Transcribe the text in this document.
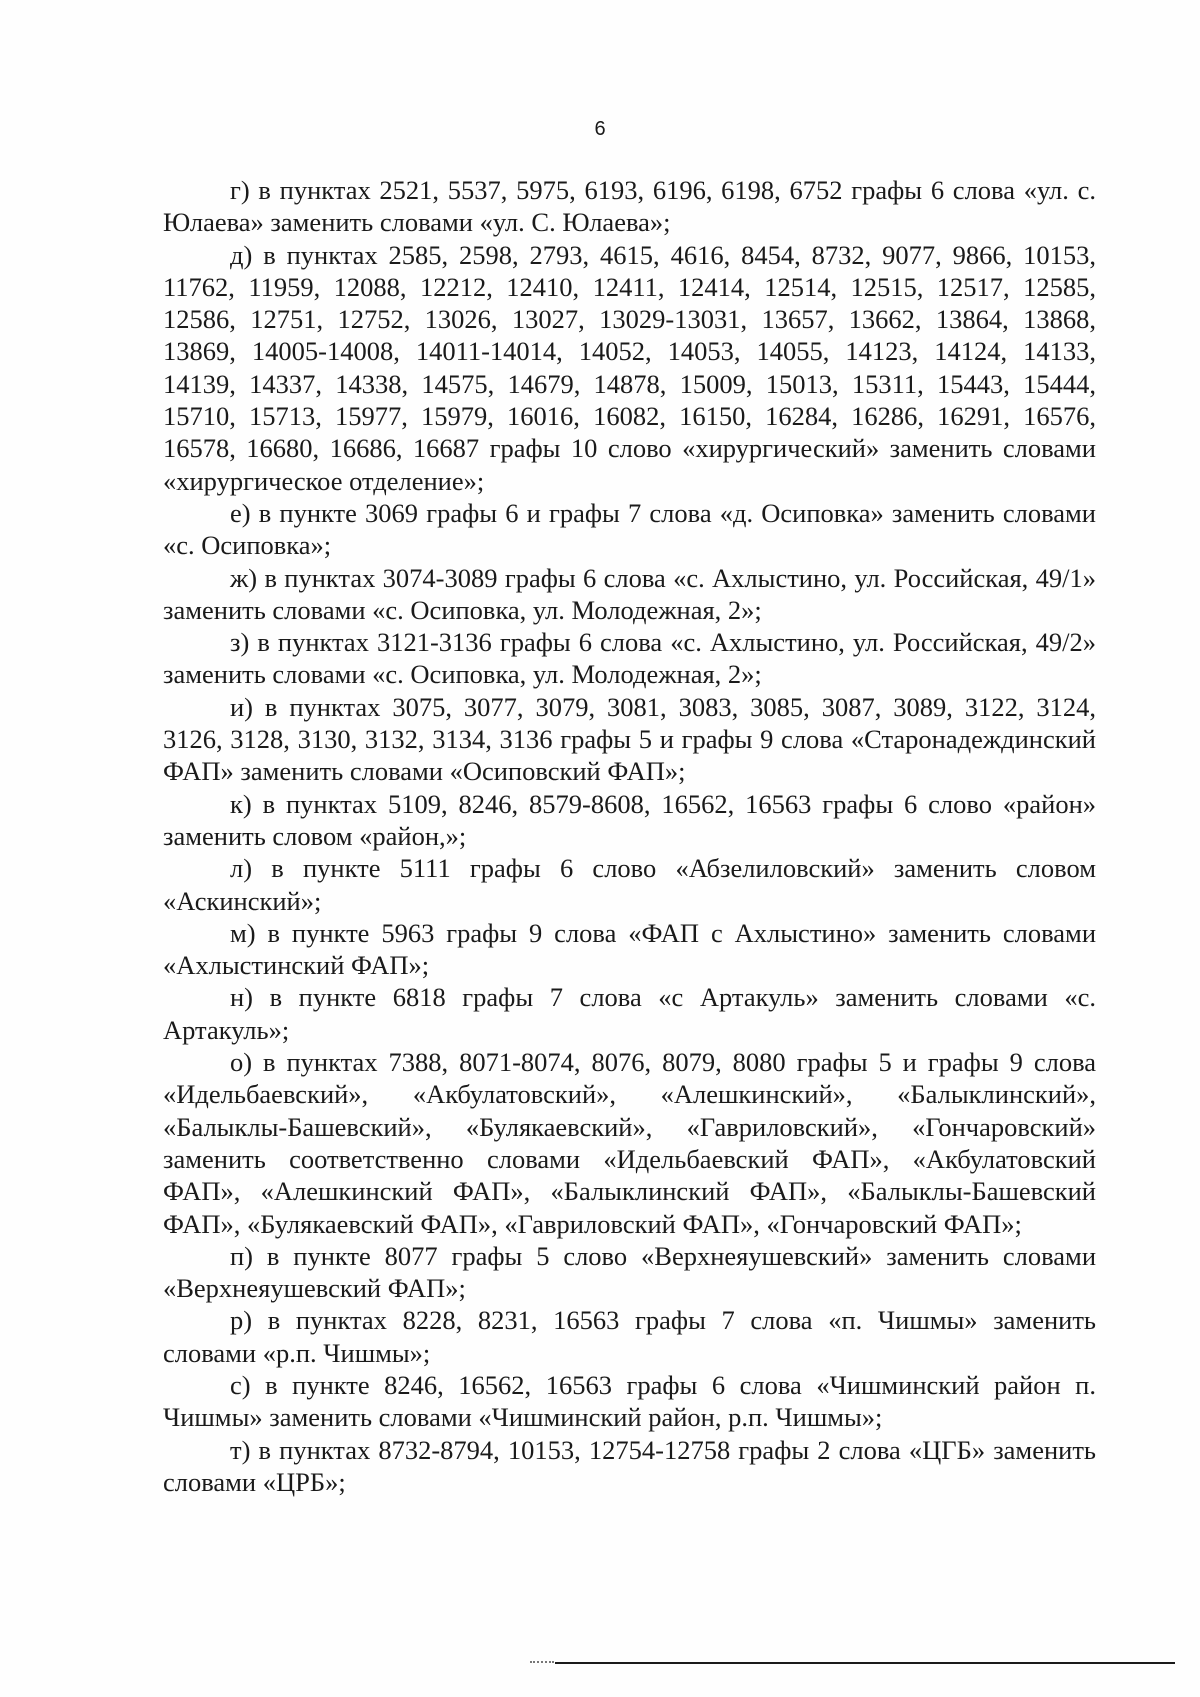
6

г) в пунктах 2521, 5537, 5975, 6193, 6196, 6198, 6752 графы 6 слова «ул. с. Юлаева» заменить словами «ул. С. Юлаева»;

д) в пунктах 2585, 2598, 2793, 4615, 4616, 8454, 8732, 9077, 9866, 10153, 11762, 11959, 12088, 12212, 12410, 12411, 12414, 12514, 12515, 12517, 12585, 12586, 12751, 12752, 13026, 13027, 13029-13031, 13657, 13662, 13864, 13868, 13869, 14005-14008, 14011-14014, 14052, 14053, 14055, 14123, 14124, 14133, 14139, 14337, 14338, 14575, 14679, 14878, 15009, 15013, 15311, 15443, 15444, 15710, 15713, 15977, 15979, 16016, 16082, 16150, 16284, 16286, 16291, 16576, 16578, 16680, 16686, 16687 графы 10 слово «хирургический» заменить словами «хирургическое отделение»;

е) в пункте 3069 графы 6 и графы 7 слова «д. Осиповка» заменить словами «с. Осиповка»;

ж) в пунктах 3074-3089 графы 6 слова «с. Ахлыстино, ул. Российская, 49/1» заменить словами «с. Осиповка, ул. Молодежная, 2»;

з) в пунктах 3121-3136 графы 6 слова «с. Ахлыстино, ул. Российская, 49/2» заменить словами «с. Осиповка, ул. Молодежная, 2»;

и) в пунктах 3075, 3077, 3079, 3081, 3083, 3085, 3087, 3089, 3122, 3124, 3126, 3128, 3130, 3132, 3134, 3136 графы 5 и графы 9 слова «Старонадеждинский ФАП» заменить словами «Осиповский ФАП»;

к) в пунктах 5109, 8246, 8579-8608, 16562, 16563 графы 6 слово «район» заменить словом «район,»;

л) в пункте 5111 графы 6 слово «Абзелиловский» заменить словом «Аскинский»;

м) в пункте 5963 графы 9 слова «ФАП с Ахлыстино» заменить словами «Ахлыстинский ФАП»;

н) в пункте 6818 графы 7 слова «с Артакуль» заменить словами «с. Артакуль»;

о) в пунктах 7388, 8071-8074, 8076, 8079, 8080 графы 5 и графы 9 слова «Идельбаевский», «Акбулатовский», «Алешкинский», «Балыклинский», «Балыклы-Башевский», «Булякаевский», «Гавриловский», «Гончаровский» заменить соответственно словами «Идельбаевский ФАП», «Акбулатовский ФАП», «Алешкинский ФАП», «Балыклинский ФАП», «Балыклы-Башевский ФАП», «Булякаевский ФАП», «Гавриловский ФАП», «Гончаровский ФАП»;

п) в пункте 8077 графы 5 слово «Верхнеяушевский» заменить словами «Верхнеяушевский ФАП»;

р) в пунктах 8228, 8231, 16563 графы 7 слова «п. Чишмы» заменить словами «р.п. Чишмы»;

с) в пункте 8246, 16562, 16563 графы 6 слова «Чишминский район п. Чишмы» заменить словами «Чишминский район, р.п. Чишмы»;

т) в пунктах 8732-8794, 10153, 12754-12758 графы 2 слова «ЦГБ» заменить словами «ЦРБ»;
